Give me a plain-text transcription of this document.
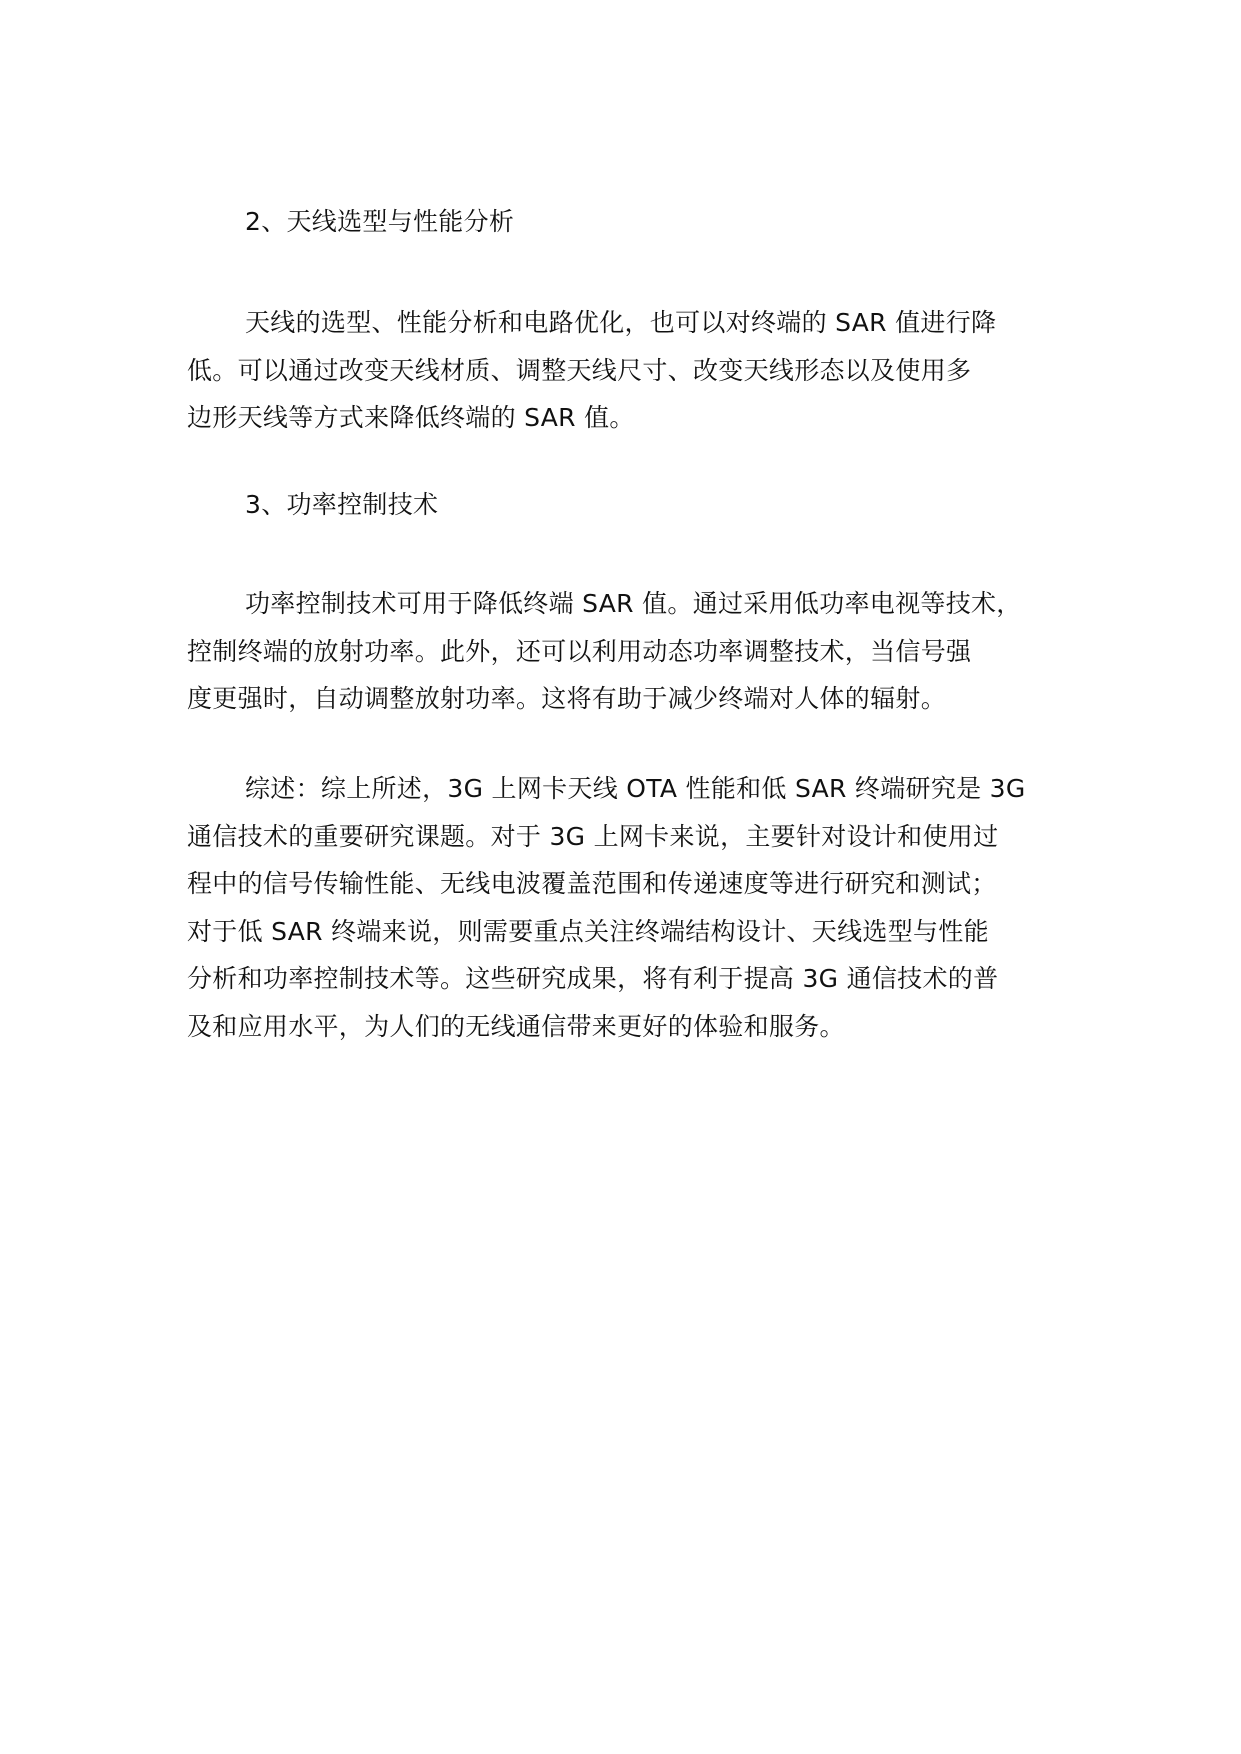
2、天线选型与性能分析

天线的选型、性能分析和电路优化，也可以对终端的 SAR 值进行降
低。可以通过改变天线材质、调整天线尺寸、改变天线形态以及使用多
边形天线等方式来降低终端的 SAR 值。

3、功率控制技术

功率控制技术可用于降低终端 SAR 值。通过采用低功率电视等技术，
控制终端的放射功率。此外，还可以利用动态功率调整技术，当信号强
度更强时，自动调整放射功率。这将有助于减少终端对人体的辐射。

综述：综上所述，3G 上网卡天线 OTA 性能和低 SAR 终端研究是 3G
通信技术的重要研究课题。对于 3G 上网卡来说，主要针对设计和使用过
程中的信号传输性能、无线电波覆盖范围和传递速度等进行研究和测试；
对于低 SAR 终端来说，则需要重点关注终端结构设计、天线选型与性能
分析和功率控制技术等。这些研究成果，将有利于提高 3G 通信技术的普
及和应用水平，为人们的无线通信带来更好的体验和服务。
